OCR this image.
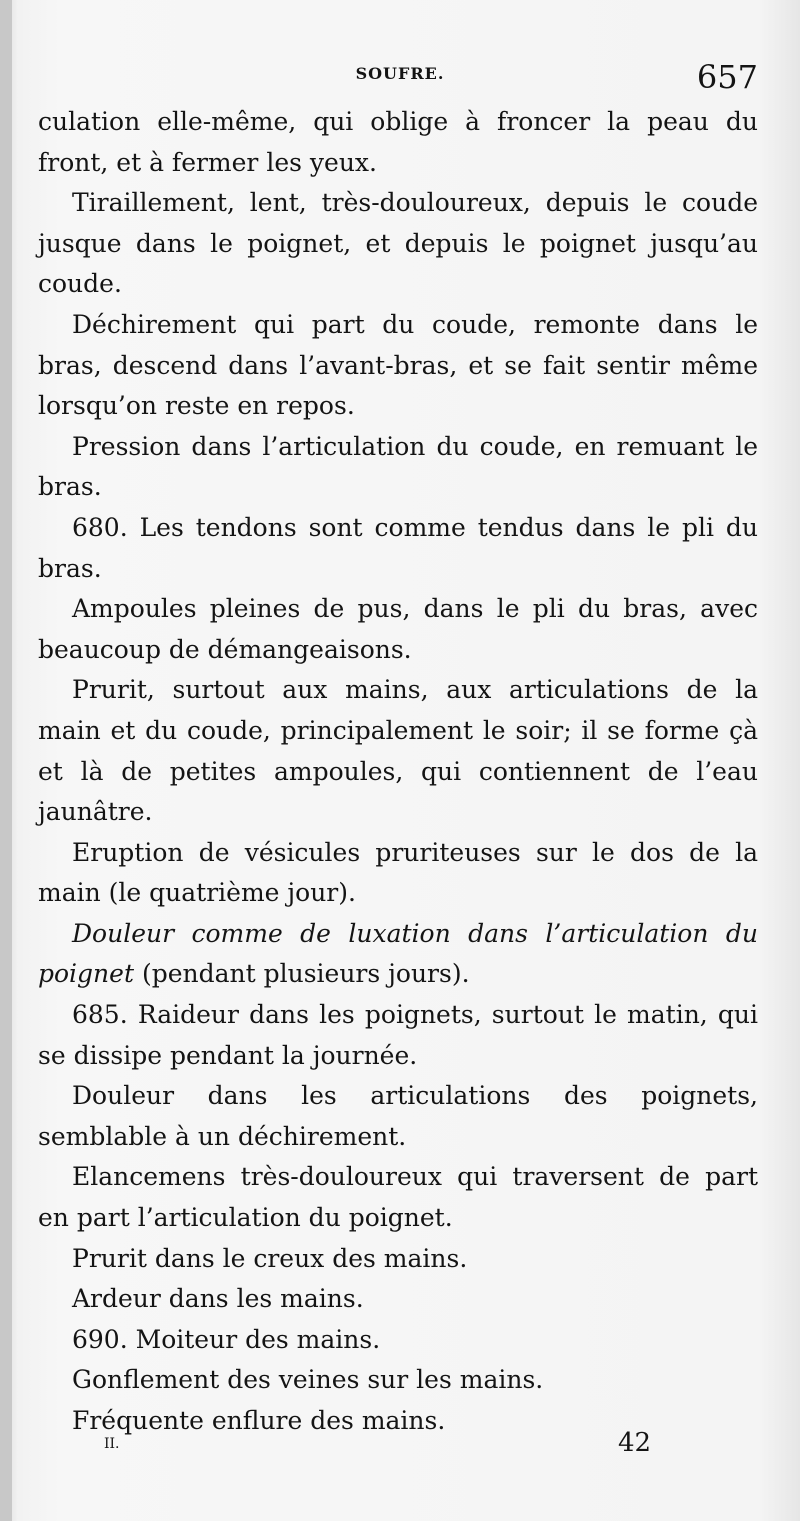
SOUFRE.	657

culation elle-même, qui oblige à froncer la peau du front, et à fermer les yeux.

Tiraillement, lent, très-douloureux, depuis le coude jusque dans le poignet, et depuis le poignet jusqu’au coude.

Déchirement qui part du coude, remonte dans le bras, descend dans l’avant-bras, et se fait sentir même lorsqu’on reste en repos.

Pression dans l’articulation du coude, en remuant le bras.

680. Les tendons sont comme tendus dans le pli du bras.

Ampoules pleines de pus, dans le pli du bras, avec beaucoup de démangeaisons.

Prurit, surtout aux mains, aux articulations de la main et du coude, principalement le soir; il se forme çà et là de petites ampoules, qui contiennent de l’eau jaunâtre.

Eruption de vésicules pruriteuses sur le dos de la main (le quatrième jour).

Douleur comme de luxation dans l’articulation du poignet (pendant plusieurs jours).

685. Raideur dans les poignets, surtout le matin, qui se dissipe pendant la journée.

Douleur dans les articulations des poignets, semblable à un déchirement.

Elancemens très-douloureux qui traversent de part en part l’articulation du poignet.

Prurit dans le creux des mains.

Ardeur dans les mains.

690. Moiteur des mains.

Gonflement des veines sur les mains.

Fréquente enflure des mains.

II.	42
